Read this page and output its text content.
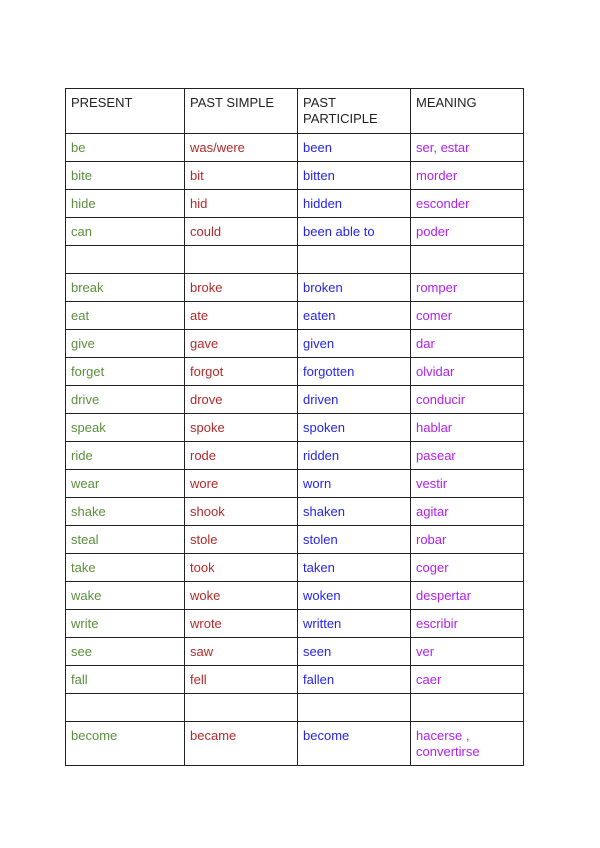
PRESENT	PAST SIMPLE	PAST PARTICIPLE	MEANING
be	was/were	been	ser, estar
bite	bit	bitten	morder
hide	hid	hidden	esconder
can	could	been able to	poder

break	broke	broken	romper
eat	ate	eaten	comer
give	gave	given	dar
forget	forgot	forgotten	olvidar
drive	drove	driven	conducir
speak	spoke	spoken	hablar
ride	rode	ridden	pasear
wear	wore	worn	vestir
shake	shook	shaken	agitar
steal	stole	stolen	robar
take	took	taken	coger
wake	woke	woken	despertar
write	wrote	written	escribir
see	saw	seen	ver
fall	fell	fallen	caer

become	became	become	hacerse , convertirse
